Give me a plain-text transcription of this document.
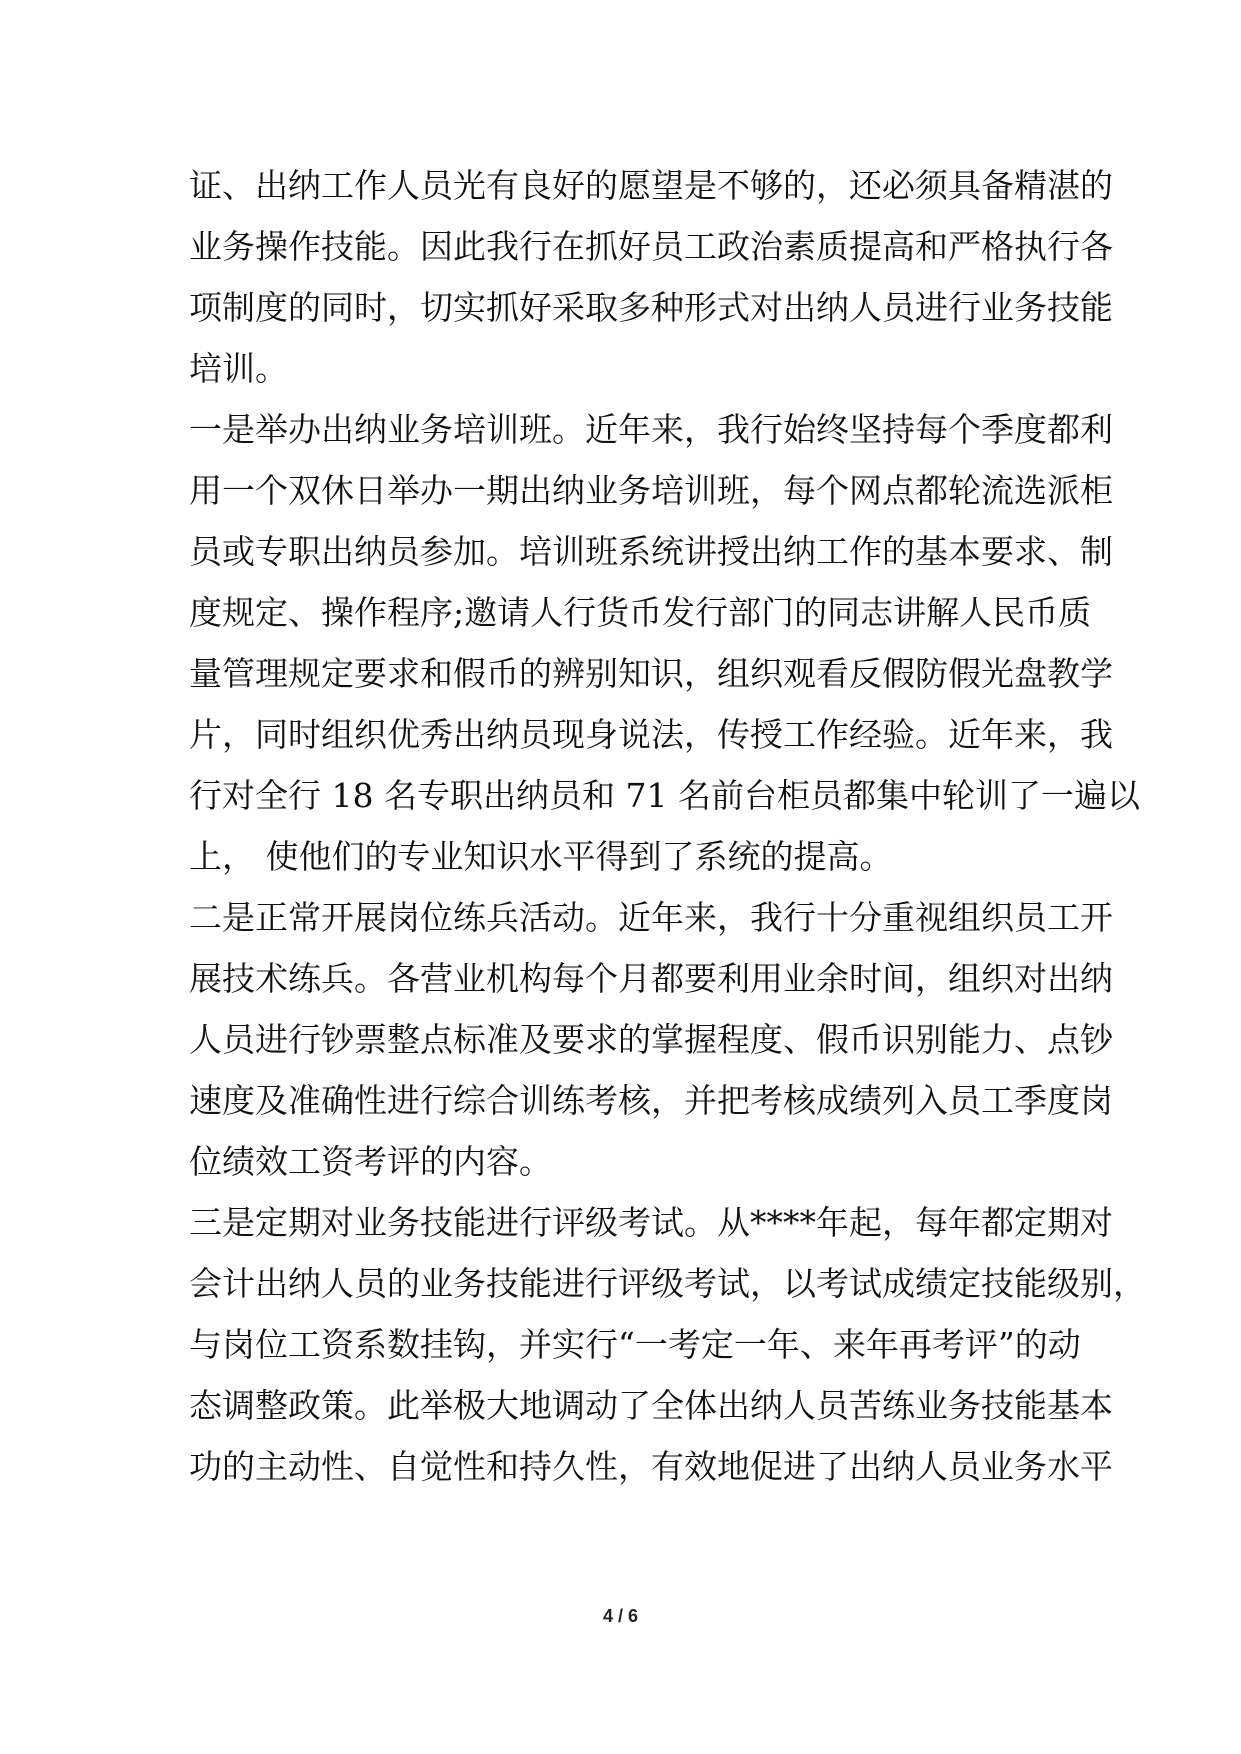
证、出纳工作人员光有良好的愿望是不够的，还必须具备精湛的
业务操作技能。因此我行在抓好员工政治素质提高和严格执行各
项制度的同时，切实抓好采取多种形式对出纳人员进行业务技能
培训。
一是举办出纳业务培训班。近年来，我行始终坚持每个季度都利
用一个双休日举办一期出纳业务培训班，每个网点都轮流选派柜
员或专职出纳员参加。培训班系统讲授出纳工作的基本要求、制
度规定、操作程序;邀请人行货币发行部门的同志讲解人民币质
量管理规定要求和假币的辨别知识，组织观看反假防假光盘教学
片，同时组织优秀出纳员现身说法，传授工作经验。近年来，我
行对全行 18 名专职出纳员和 71 名前台柜员都集中轮训了一遍以
上， 使他们的专业知识水平得到了系统的提高。
二是正常开展岗位练兵活动。近年来，我行十分重视组织员工开
展技术练兵。各营业机构每个月都要利用业余时间，组织对出纳
人员进行钞票整点标准及要求的掌握程度、假币识别能力、点钞
速度及准确性进行综合训练考核，并把考核成绩列入员工季度岗
位绩效工资考评的内容。
三是定期对业务技能进行评级考试。从****年起，每年都定期对
会计出纳人员的业务技能进行评级考试，以考试成绩定技能级别，
与岗位工资系数挂钩，并实行“一考定一年、来年再考评”的动
态调整政策。此举极大地调动了全体出纳人员苦练业务技能基本
功的主动性、自觉性和持久性，有效地促进了出纳人员业务水平
4 / 6
